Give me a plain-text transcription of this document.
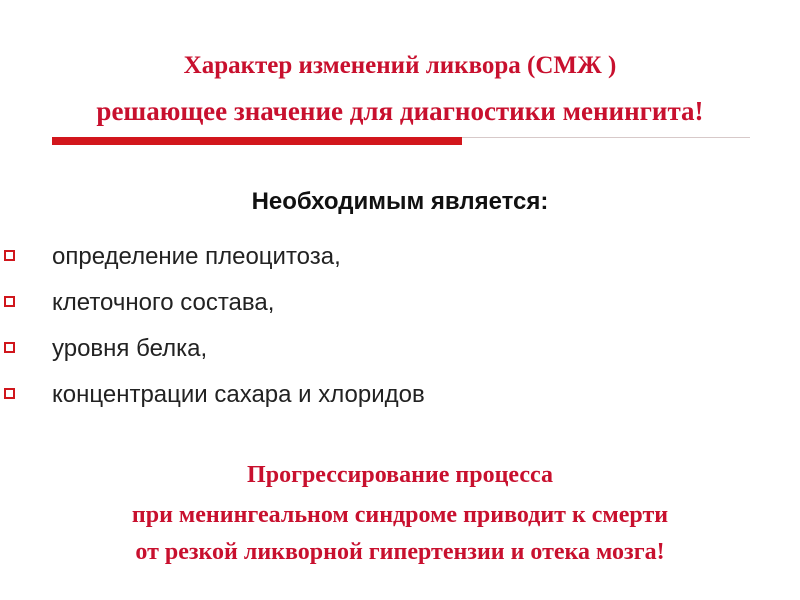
Характер изменений ликвора (СМЖ )
решающее значение для диагностики менингита!
Необходимым является:
определение плеоцитоза,
клеточного состава,
уровня белка,
концентрации сахара и хлоридов
Прогрессирование процесса
при менингеальном синдроме приводит к смерти
от резкой ликворной гипертензии и отека мозга!
